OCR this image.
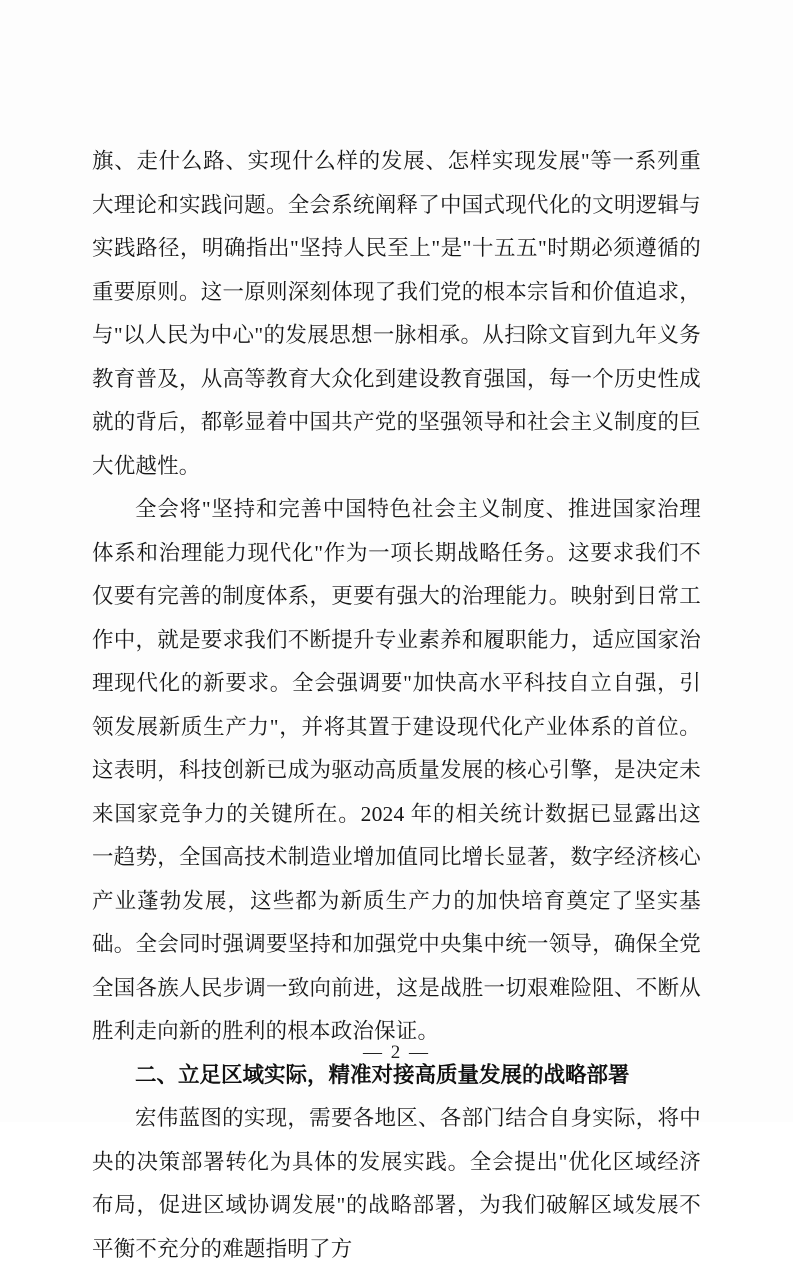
旗、走什么路、实现什么样的发展、怎样实现发展"等一系列重大理论和实践问题。全会系统阐释了中国式现代化的文明逻辑与实践路径，明确指出"坚持人民至上"是"十五五"时期必须遵循的重要原则。这一原则深刻体现了我们党的根本宗旨和价值追求，与"以人民为中心"的发展思想一脉相承。从扫除文盲到九年义务教育普及，从高等教育大众化到建设教育强国，每一个历史性成就的背后，都彰显着中国共产党的坚强领导和社会主义制度的巨大优越性。

全会将"坚持和完善中国特色社会主义制度、推进国家治理体系和治理能力现代化"作为一项长期战略任务。这要求我们不仅要有完善的制度体系，更要有强大的治理能力。映射到日常工作中，就是要求我们不断提升专业素养和履职能力，适应国家治理现代化的新要求。全会强调要"加快高水平科技自立自强，引领发展新质生产力"，并将其置于建设现代化产业体系的首位。这表明，科技创新已成为驱动高质量发展的核心引擎，是决定未来国家竞争力的关键所在。2024 年的相关统计数据已显露出这一趋势，全国高技术制造业增加值同比增长显著，数字经济核心产业蓬勃发展，这些都为新质生产力的加快培育奠定了坚实基础。全会同时强调要坚持和加强党中央集中统一领导，确保全党全国各族人民步调一致向前进，这是战胜一切艰难险阻、不断从胜利走向新的胜利的根本政治保证。

二、立足区域实际，精准对接高质量发展的战略部署

宏伟蓝图的实现，需要各地区、各部门结合自身实际，将中央的决策部署转化为具体的发展实践。全会提出"优化区域经济布局，促进区域协调发展"的战略部署，为我们破解区域发展不平衡不充分的难题指明了方

— 2 —
